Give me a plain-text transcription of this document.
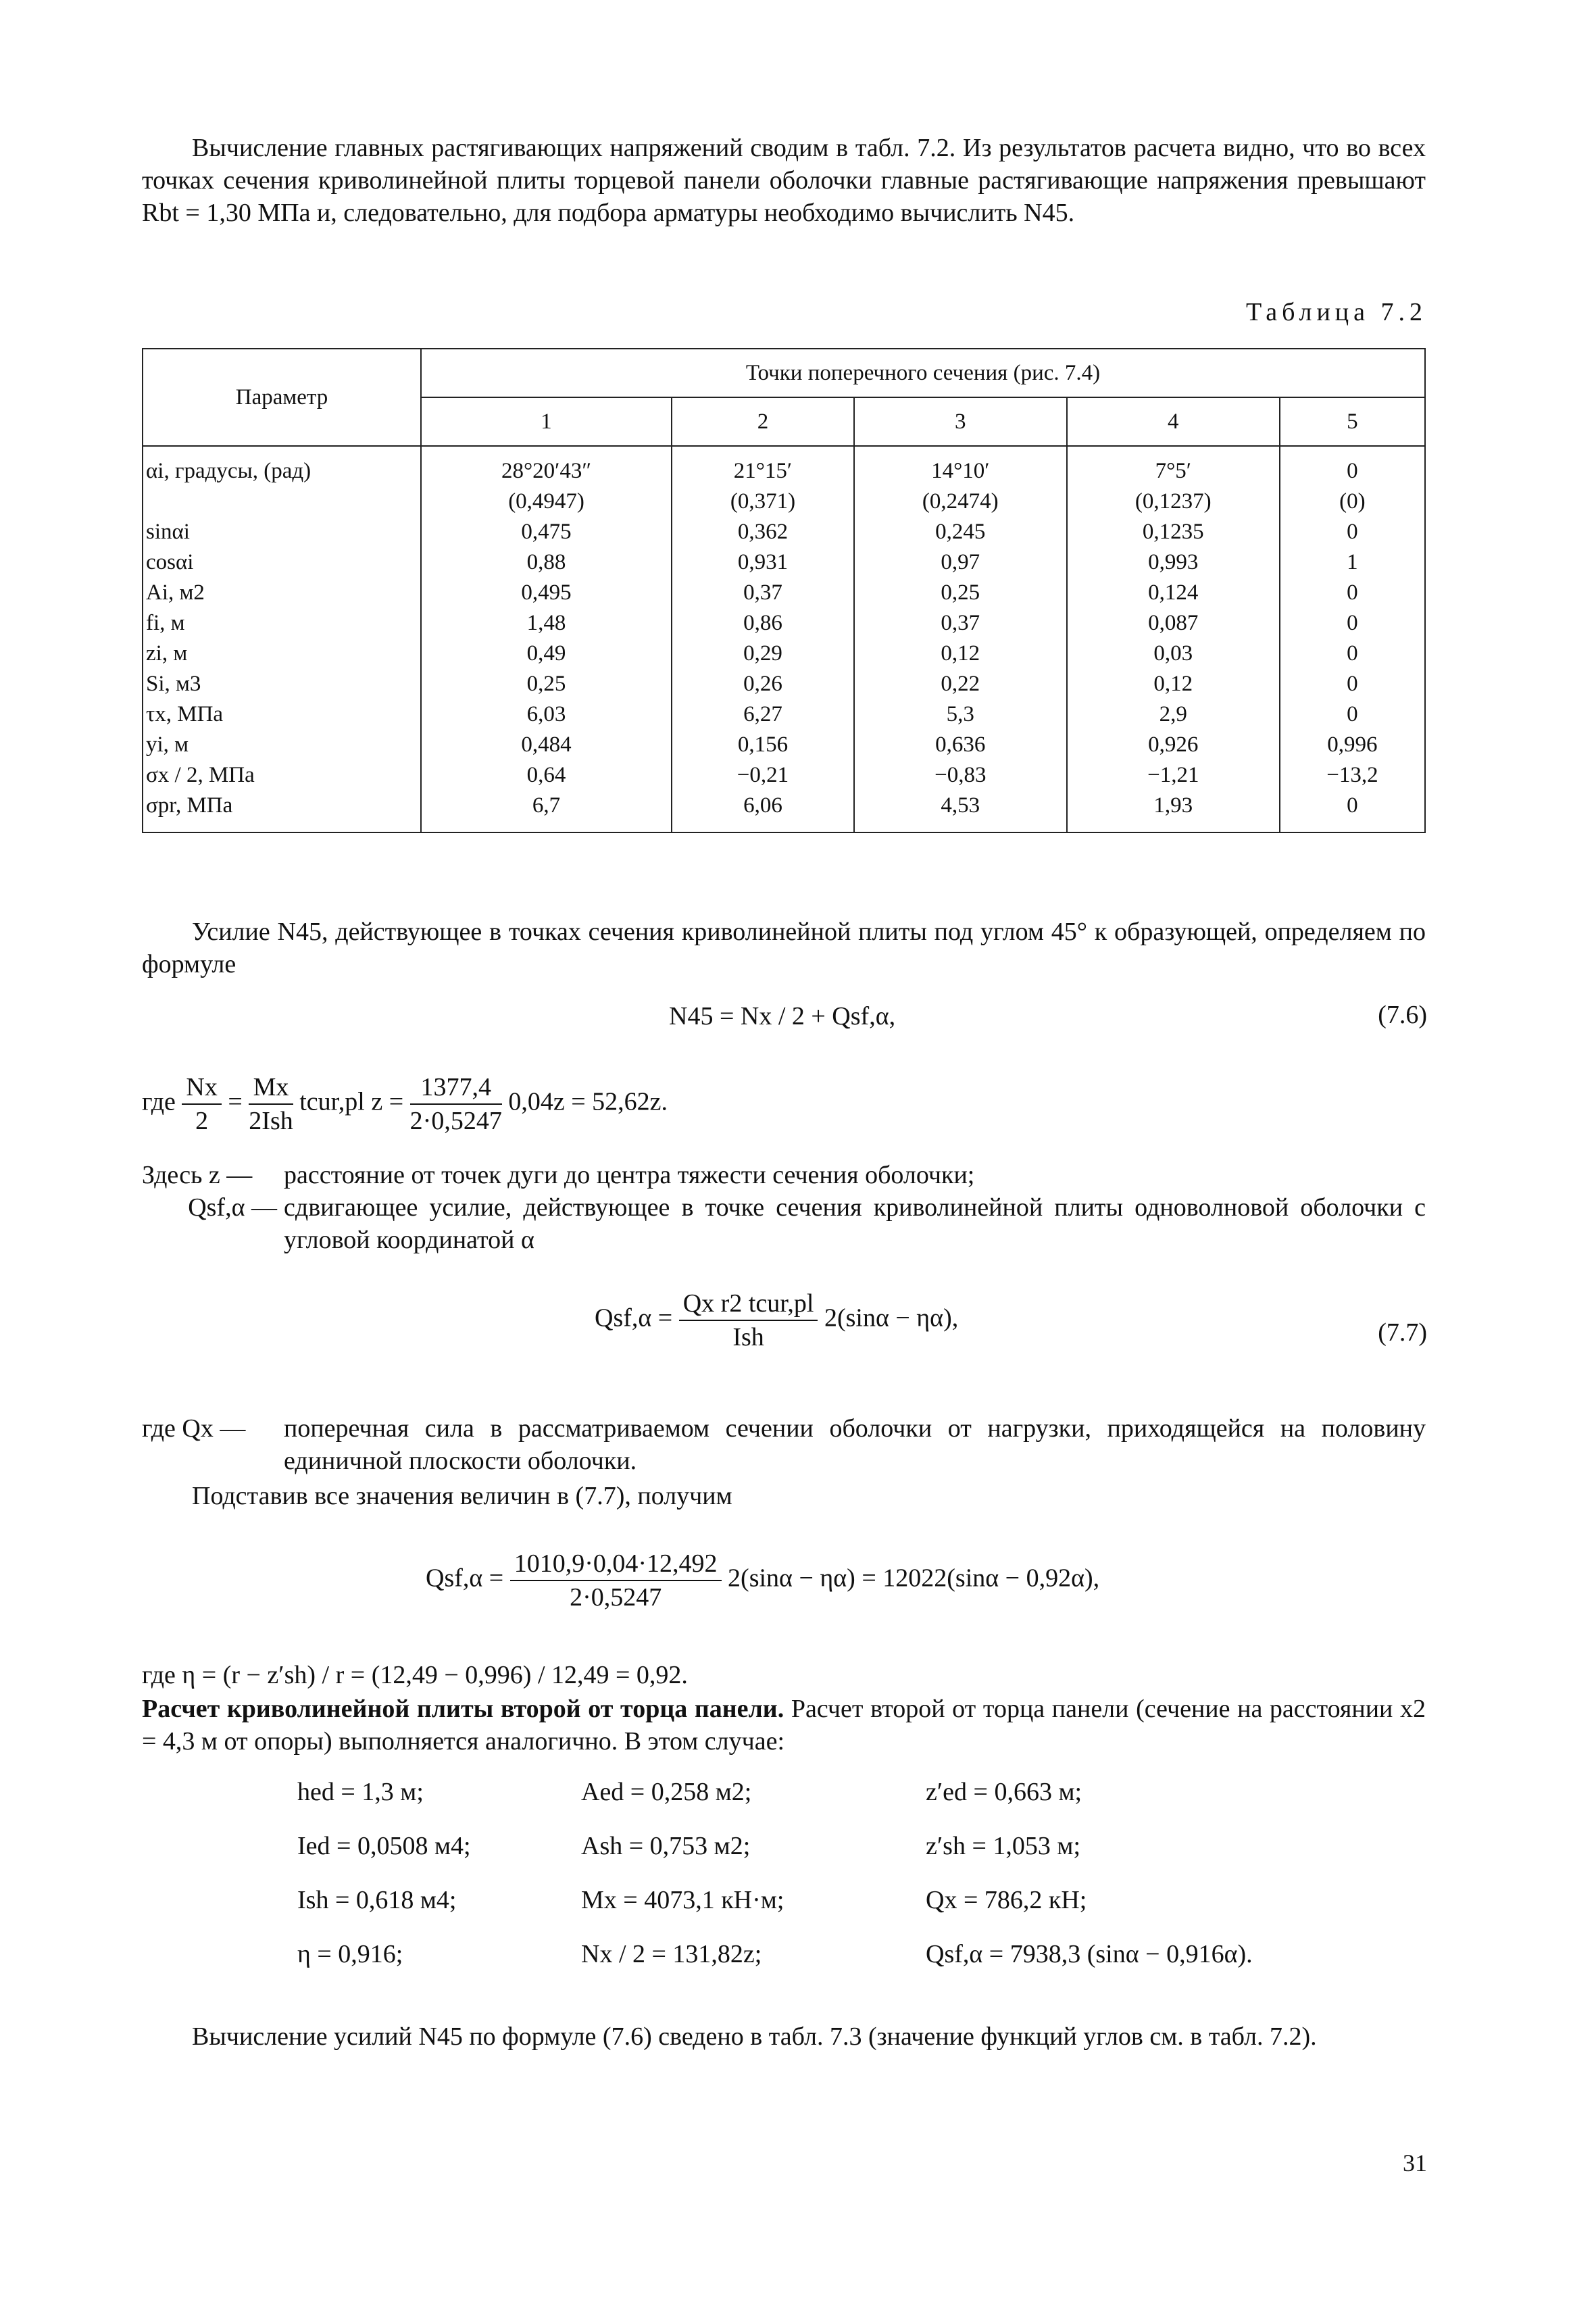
Вычисление главных растягивающих напряжений сводим в табл. 7.2. Из результатов расчета видно, что во всех точках сечения криволинейной плиты торцевой панели оболочки главные растягивающие напряжения превышают Rbt = 1,30 МПа и, следовательно, для подбора арматуры необходимо вычислить N45.

Таблица 7.2
Параметр	Точки поперечного сечения (рис. 7.4)				
	1	2	3	4	5
αi, градусы, (рад)	28°20′43″	21°15′	14°10′	7°5′	0
	(0,4947)	(0,371)	(0,2474)	(0,1237)	(0)
sinαi	0,475	0,362	0,245	0,1235	0
cosαi	0,88	0,931	0,97	0,993	1
Ai, м2	0,495	0,37	0,25	0,124	0
fi, м	1,48	0,86	0,37	0,087	0
zi, м	0,49	0,29	0,12	0,03	0
Si, м3	0,25	0,26	0,22	0,12	0
τx, МПа	6,03	6,27	5,3	2,9	0
yi, м	0,484	0,156	0,636	0,926	0,996
σx / 2, МПа	0,64	−0,21	−0,83	−1,21	−13,2
σpr, МПа	6,7	6,06	4,53	1,93	0

Усилие N45, действующее в точках сечения криволинейной плиты под углом 45° к образующей, определяем по формуле

N45 = Nx / 2 + Qsf,α,	(7.6)
где $\frac{Nx}{2} = \frac{Mx}{\text{2Ish}}$ tcur,pl $z = \frac{1377,4}{2\cdot 0,5247} 0,04z = 52,62z$.
Здесь z —	расстояние от точек дуги до центра тяжести сечения оболочки;
Qsf,α — сдвигающее усилие, действующее в точке сечения криволинейной плиты одноволновой оболочки с угловой координатой α
$Qsf,\alpha = \frac{\text{Qx r2 tcur,pl}}{\text{Ish}} 2(\sin\alpha - \eta\alpha)$,
(7.7)
где Qx —	поперечная сила в рассматриваемом сечении оболочки от нагрузки, приходящейся на половину единичной плоскости оболочки.

Подставив все значения величин в (7.7), получим

$Qsf,\alpha = \frac{1010,9\cdot 0,04\cdot 12,492}{2\cdot 0,5247} 2(\sin\alpha - \eta\alpha) = 12022(\sin\alpha - 0,92\alpha)$,

где η = (r − z′sh) / r = (12,49 − 0,996) / 12,49 = 0,92.

Расчет криволинейной плиты второй от торца панели. Расчет второй от торца панели (сечение на расстоянии x2 = 4,3 м от опоры) выполняется аналогично. В этом случае:

hed = 1,3 м;	Aed = 0,258 м2;	z′ed = 0,663 м;
Ied = 0,0508 м4;	Ash = 0,753 м2;	z′sh = 1,053 м;
Ish = 0,618 м4;	Mx = 4073,1 кН·м;	Qx = 786,2 кН;
η = 0,916;	Nx / 2 = 131,82z;	Qsf,α = 7938,3 (sinα − 0,916α).

Вычисление усилий N45 по формуле (7.6) сведено в табл. 7.3 (значение функций углов см. в табл. 7.2).

31
